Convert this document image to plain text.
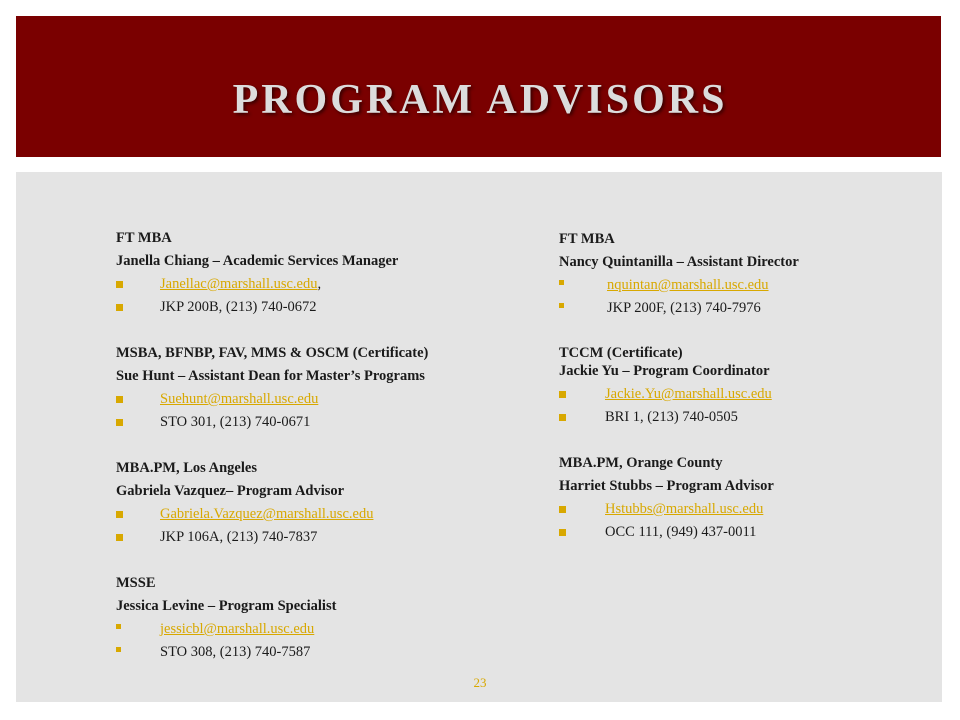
PROGRAM ADVISORS
FT MBA
Janella Chiang – Academic Services Manager
Janellac@marshall.usc.edu,
JKP 200B, (213) 740-0672
MSBA, BFNBP, FAV, MMS & OSCM (Certificate)
Sue Hunt – Assistant Dean for Master’s Programs
Suehunt@marshall.usc.edu
STO 301, (213) 740-0671
MBA.PM, Los Angeles
Gabriela Vazquez– Program Advisor
Gabriela.Vazquez@marshall.usc.edu
JKP 106A, (213) 740-7837
MSSE
Jessica Levine – Program Specialist
jessicbl@marshall.usc.edu
STO 308, (213) 740-7587
FT MBA
Nancy Quintanilla – Assistant Director
nquintan@marshall.usc.edu
JKP 200F, (213) 740-7976
TCCM (Certificate)
Jackie Yu – Program Coordinator
Jackie.Yu@marshall.usc.edu
BRI 1, (213) 740-0505
MBA.PM, Orange County
Harriet Stubbs – Program Advisor
Hstubbs@marshall.usc.edu
OCC 111, (949) 437-0011
23
